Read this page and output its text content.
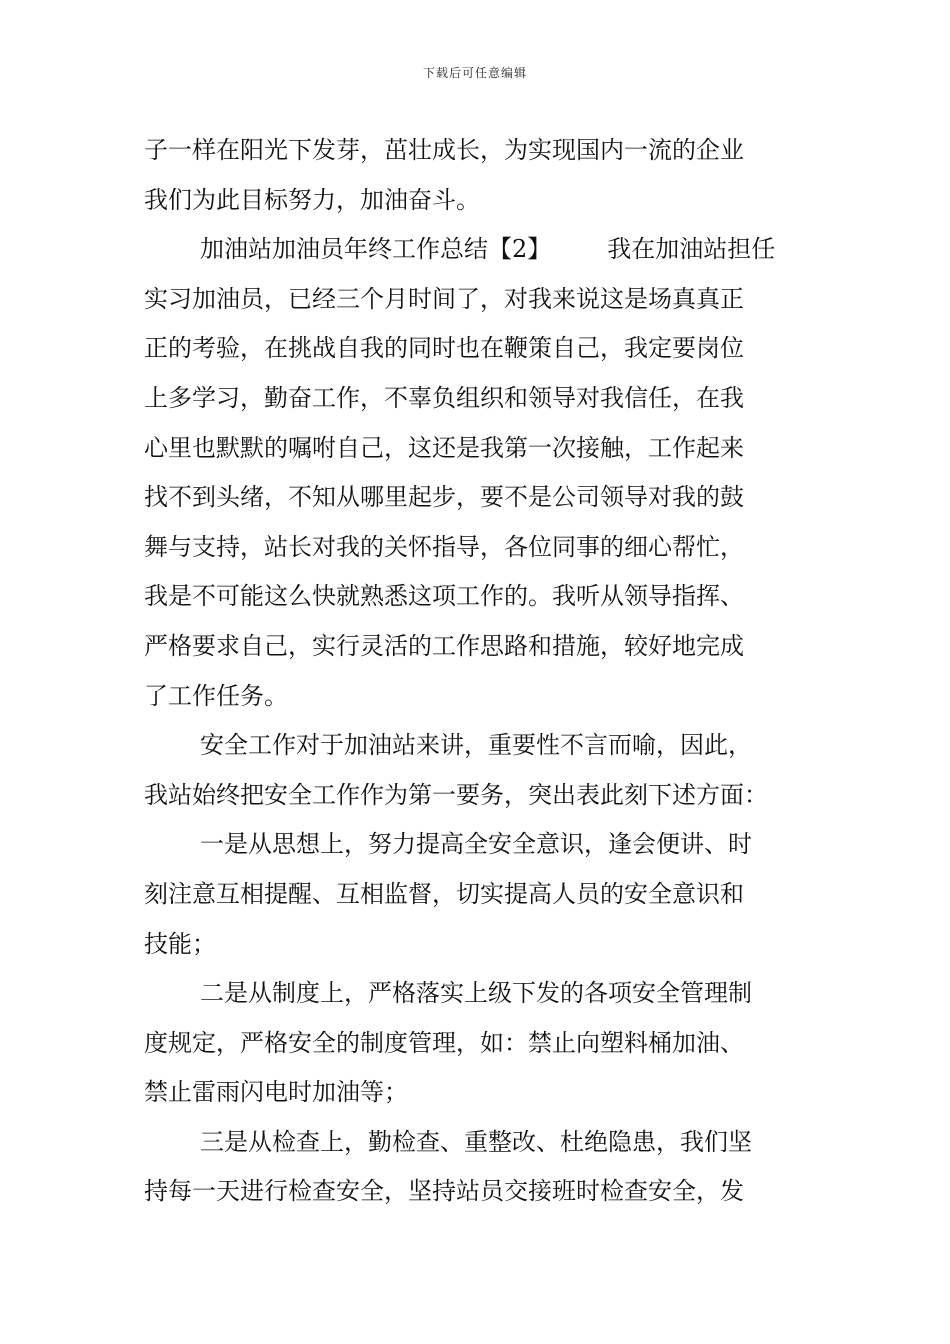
下载后可任意编辑
子一样在阳光下发芽，茁壮成长，为实现国内一流的企业
我们为此目标努力，加油奋斗。
加油站加油员年终工作总结【2】 我在加油站担任
实习加油员，已经三个月时间了，对我来说这是场真真正
正的考验，在挑战自我的同时也在鞭策自己，我定要岗位
上多学习，勤奋工作，不辜负组织和领导对我信任，在我
心里也默默的嘱咐自己，这还是我第一次接触，工作起来
找不到头绪，不知从哪里起步，要不是公司领导对我的鼓
舞与支持，站长对我的关怀指导，各位同事的细心帮忙，
我是不可能这么快就熟悉这项工作的。我听从领导指挥、
严格要求自己，实行灵活的工作思路和措施，较好地完成
了工作任务。
安全工作对于加油站来讲，重要性不言而喻，因此，
我站始终把安全工作作为第一要务，突出表此刻下述方面：
一是从思想上，努力提高全安全意识，逢会便讲、时
刻注意互相提醒、互相监督，切实提高人员的安全意识和
技能；
二是从制度上，严格落实上级下发的各项安全管理制
度规定，严格安全的制度管理，如：禁止向塑料桶加油、
禁止雷雨闪电时加油等；
三是从检查上，勤检查、重整改、杜绝隐患，我们坚
持每一天进行检查安全，坚持站员交接班时检查安全，发
